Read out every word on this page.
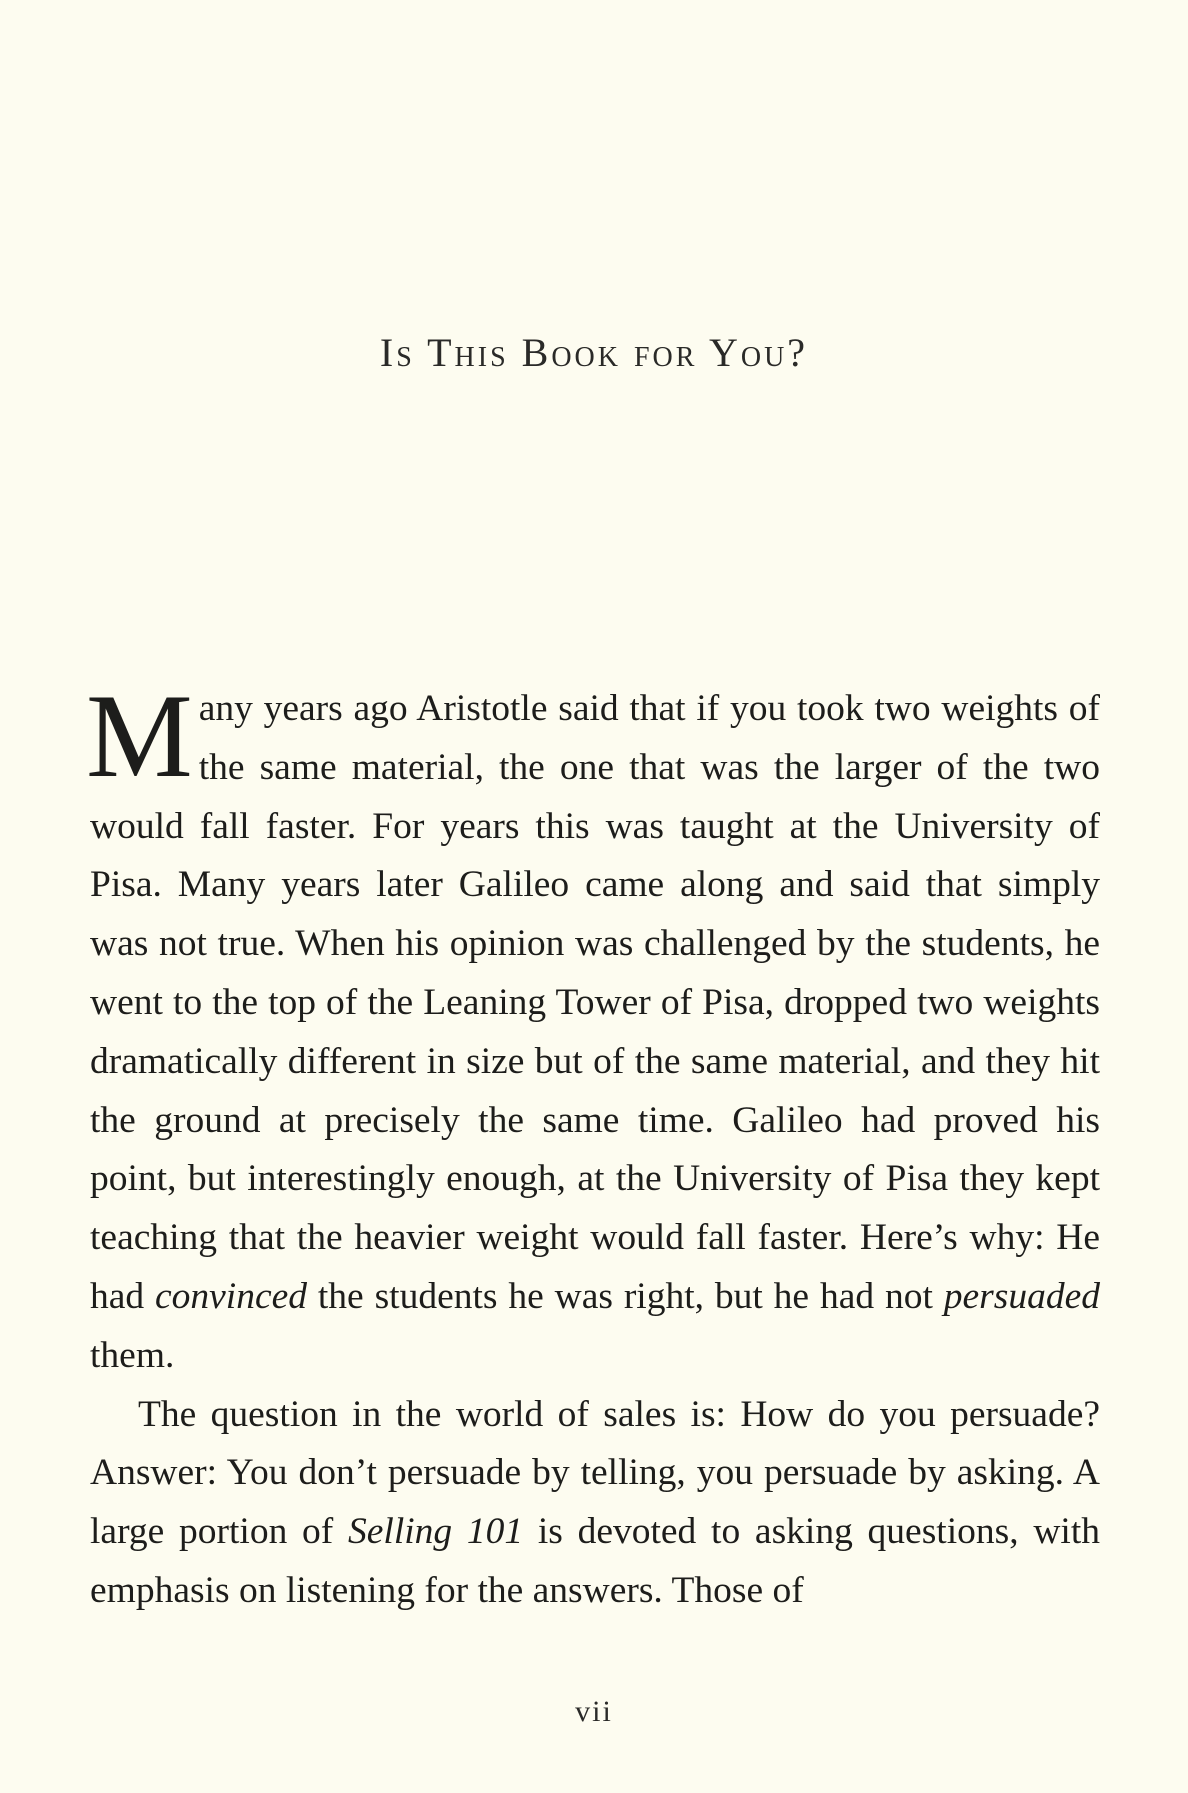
Is This Book for You?

Many years ago Aristotle said that if you took two weights of the same material, the one that was the larger of the two would fall faster. For years this was taught at the University of Pisa. Many years later Galileo came along and said that simply was not true. When his opinion was challenged by the students, he went to the top of the Leaning Tower of Pisa, dropped two weights dramatically different in size but of the same material, and they hit the ground at precisely the same time. Galileo had proved his point, but interestingly enough, at the University of Pisa they kept teaching that the heavier weight would fall faster. Here’s why: He had convinced the students he was right, but he had not persuaded them.

The question in the world of sales is: How do you persuade? Answer: You don’t persuade by telling, you persuade by asking. A large portion of Selling 101 is devoted to asking questions, with emphasis on listening for the answers. Those of

vii
